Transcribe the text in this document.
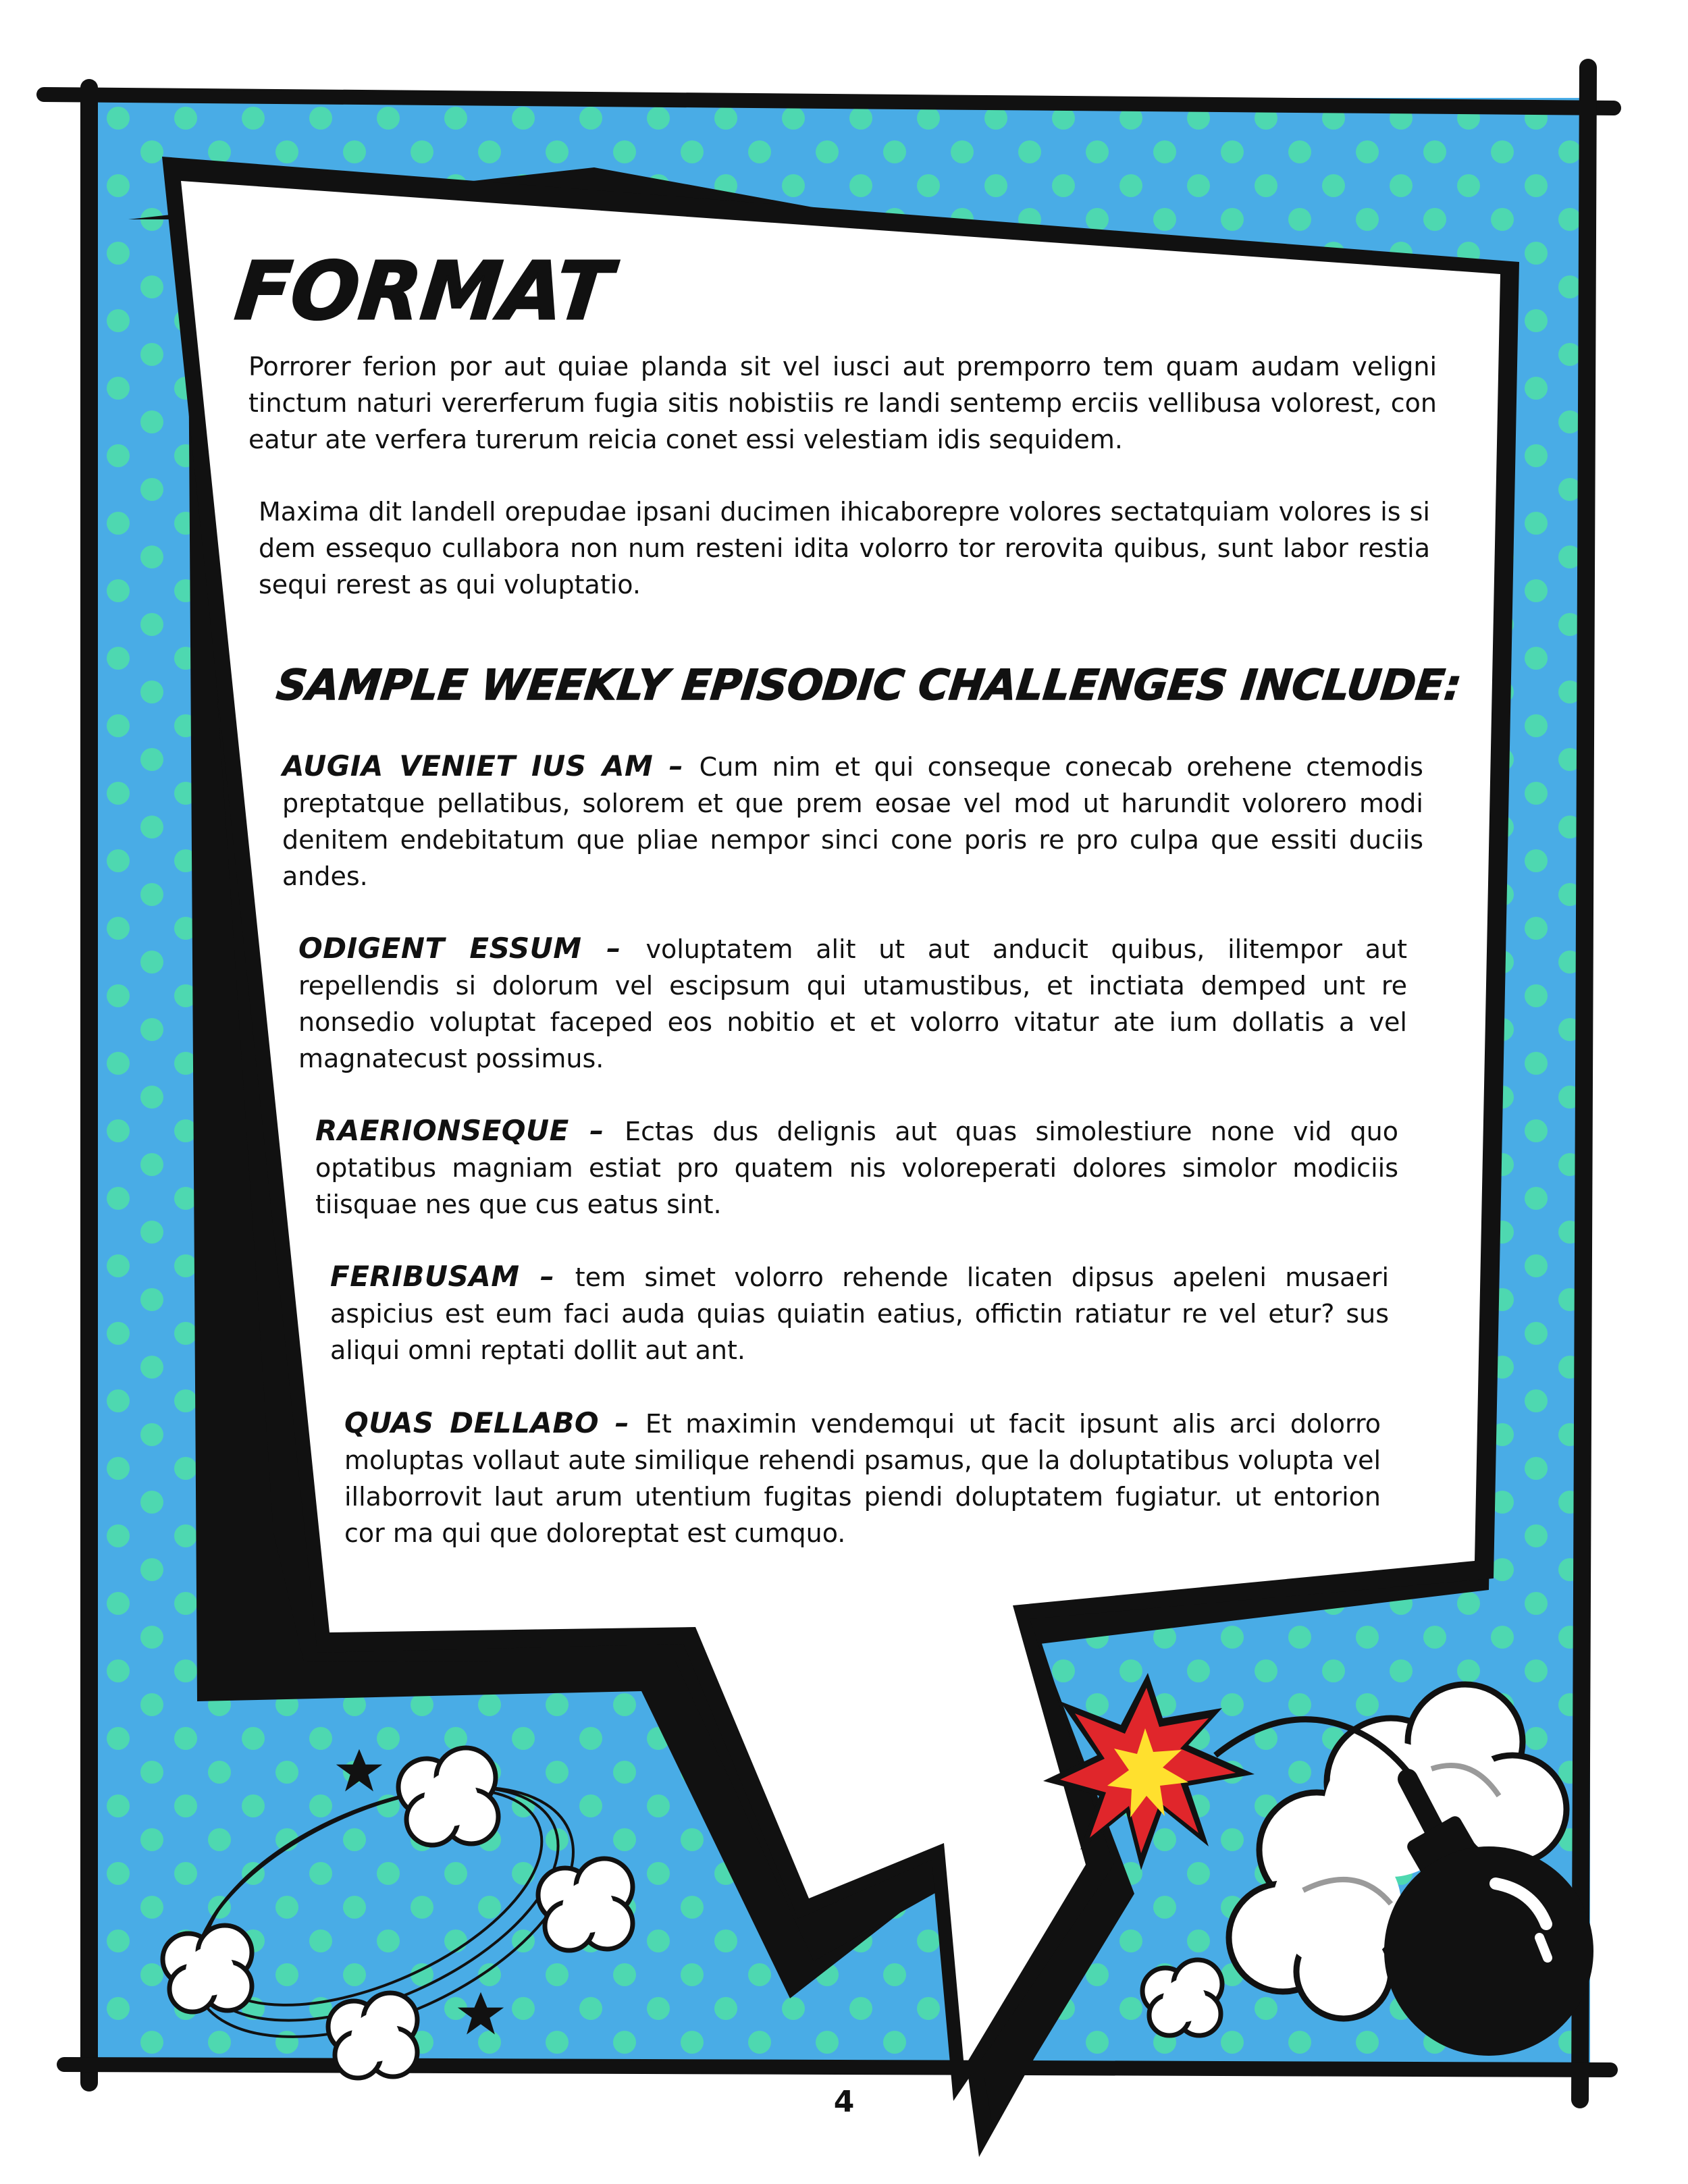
FORMAT

Porrorer ferion por aut quiae planda sit vel iusci aut premporro tem quam audam veligni tinctum naturi vererferum fugia sitis nobistiis re landi sentemp erciis vellibusa volorest, con eatur ate verfera turerum reicia conet essi velestiam idis sequidem.

Maxima dit landell orepudae ipsani ducimen ihicaborepre volores sectatquiam volores is si dem essequo cullabora non num resteni idita volorro tor rerovita quibus, sunt labor restia sequi rerest as qui voluptatio.

SAMPLE WEEKLY EPISODIC CHALLENGES INCLUDE:

AUGIA VENIET IUS AM – Cum nim et qui conseque conecab orehene ctemodis preptatque pellatibus, solorem et que prem eosae vel mod ut harundit volorero modi denitem endebitatum que pliae nempor sinci cone poris re pro culpa que essiti duciis andes.

ODIGENT ESSUM – voluptatem alit ut aut anducit quibus, ilitempor aut repellendis si dolorum vel escipsum qui utamustibus, et inctiata demped unt re nonsedio voluptat faceped eos nobitio et et volorro vitatur ate ium dollatis a vel magnatecust possimus.

RAERIONSEQUE – Ectas dus delignis aut quas simolestiure none vid quo optatibus magniam estiat pro quatem nis voloreperati dolores simolor modiciis tiisquae nes que cus eatus sint.

FERIBUSAM – tem simet volorro rehende licaten dipsus apeleni musaeri aspicius est eum faci auda quias quiatin eatius, offictin ratiatur re vel etur? sus aliqui omni reptati dollit aut ant.

QUAS DELLABO – Et maximin vendemqui ut facit ipsunt alis arci dolorro moluptas vollaut aute similique rehendi psamus, que la doluptatibus volupta vel illaborrovit laut arum utentium fugitas piendi doluptatem fugiatur. ut entorion cor ma qui que doloreptat est cumquo.

4
